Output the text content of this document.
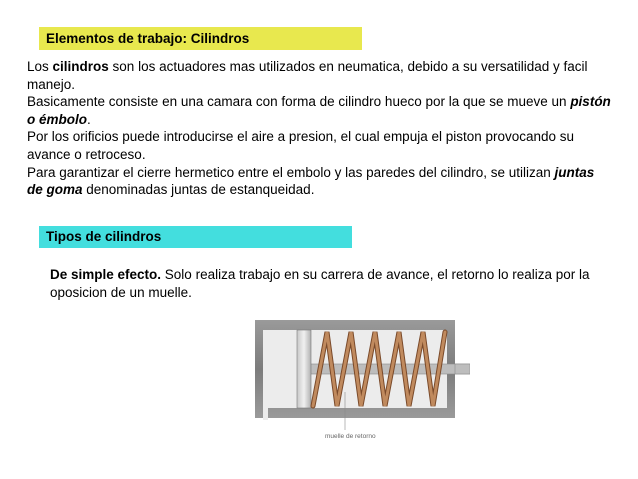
Elementos de trabajo: Cilindros

Los cilindros son los actuadores mas utilizados en neumatica, debido a su versatilidad y facil manejo.

Basicamente consiste en una camara con forma de cilindro hueco por la que se mueve un pistón o émbolo.

Por los orificios puede introducirse el aire a presion, el cual empuja el piston provocando su avance o retroceso.

Para garantizar el cierre hermetico entre el embolo y las paredes del cilindro, se utilizan juntas de goma denominadas juntas de estanqueidad.

Tipos de cilindros

De simple efecto. Solo realiza trabajo en su carrera de avance, el retorno lo realiza por la oposicion de un muelle.

muelle de retorno
